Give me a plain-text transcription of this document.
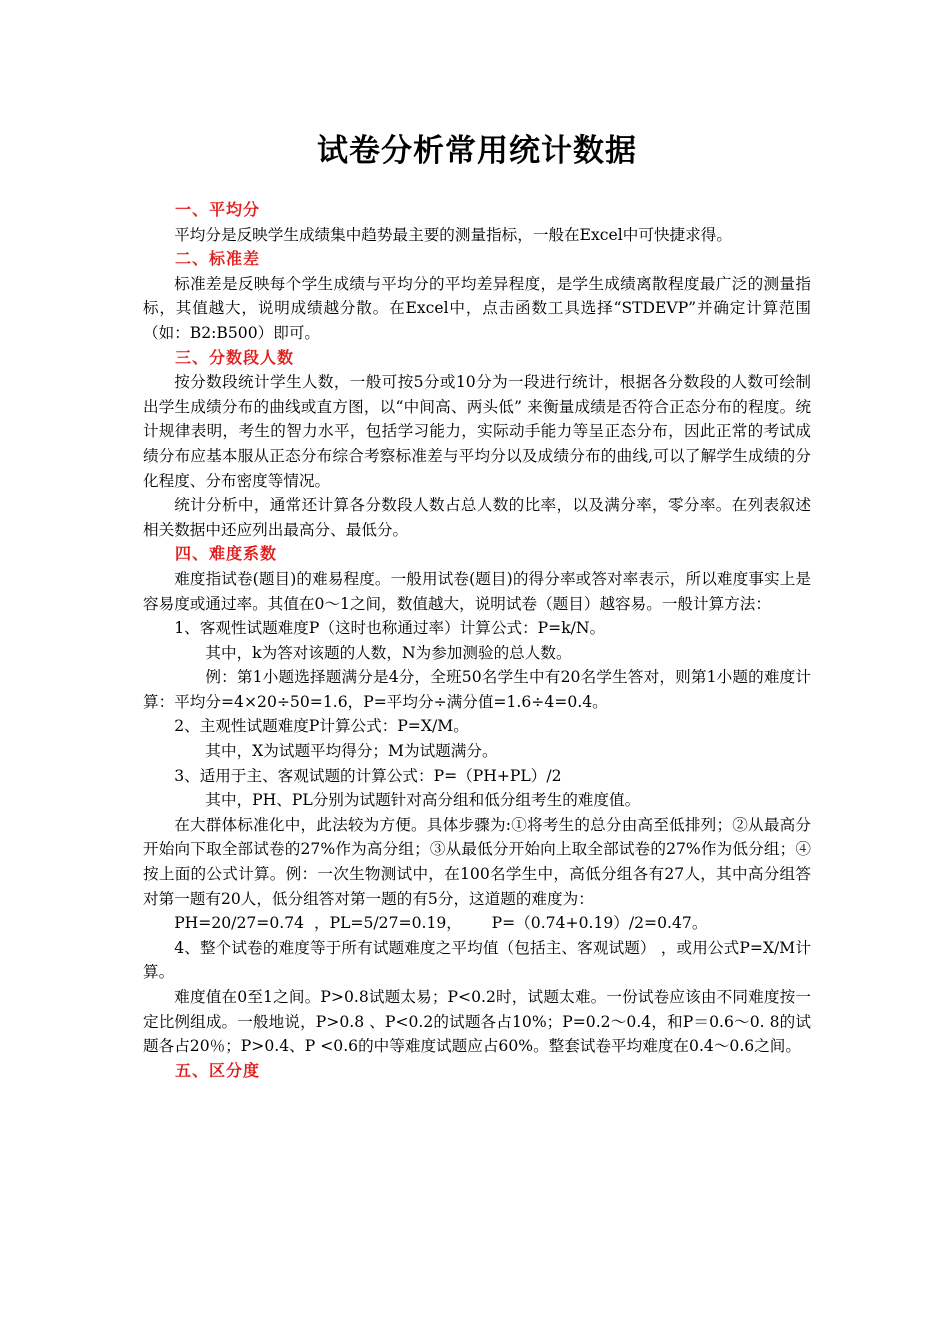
试卷分析常用统计数据

一、平均分

平均分是反映学生成绩集中趋势最主要的测量指标，一般在Excel中可快捷求得。

二、标准差

标准差是反映每个学生成绩与平均分的平均差异程度，是学生成绩离散程度最广泛的测量指标，其值越大，说明成绩越分散。在Excel中，点击函数工具选择“STDEVP”并确定计算范围（如：B2:B500）即可。

三、分数段人数

按分数段统计学生人数，一般可按5分或10分为一段进行统计，根据各分数段的人数可绘制出学生成绩分布的曲线或直方图，以“中间高、两头低” 来衡量成绩是否符合正态分布的程度。统计规律表明，考生的智力水平，包括学习能力，实际动手能力等呈正态分布，因此正常的考试成绩分布应基本服从正态分布综合考察标准差与平均分以及成绩分布的曲线,可以了解学生成绩的分化程度、分布密度等情况。

统计分析中，通常还计算各分数段人数占总人数的比率，以及满分率，零分率。在列表叙述相关数据中还应列出最高分、最低分。

四、难度系数

难度指试卷(题目)的难易程度。一般用试卷(题目)的得分率或答对率表示，所以难度事实上是容易度或通过率。其值在0～1之间，数值越大，说明试卷（题目）越容易。一般计算方法：

1、客观性试题难度P（这时也称通过率）计算公式：P=k/N。

其中，k为答对该题的人数，N为参加测验的总人数。

例：第1小题选择题满分是4分，全班50名学生中有20名学生答对，则第1小题的难度计算：平均分=4×20÷50=1.6，P=平均分÷满分值=1.6÷4=0.4。

2、主观性试题难度P计算公式：P=X/M。

其中，X为试题平均得分；M为试题满分。

3、适用于主、客观试题的计算公式：P=（PH+PL）/2

其中，PH、PL分别为试题针对高分组和低分组考生的难度值。

在大群体标准化中，此法较为方便。具体步骤为:①将考生的总分由高至低排列；②从最高分开始向下取全部试卷的27%作为高分组；③从最低分开始向上取全部试卷的27%作为低分组；④按上面的公式计算。例：一次生物测试中，在100名学生中，高低分组各有27人，其中高分组答对第一题有20人，低分组答对第一题的有5分，这道题的难度为：

PH=20/27=0.74  ，PL=5/27=0.19，      P=（0.74+0.19）/2=0.47。

4、整个试卷的难度等于所有试题难度之平均值（包括主、客观试题） ，或用公式P=X/M计算。

难度值在0至1之间。P>0.8试题太易；P<0.2时，试题太难。一份试卷应该由不同难度按一定比例组成。一般地说，P>0.8 、P<0.2的试题各占10%；P=0.2～0.4，和P＝0.6～0. 8的试题各占20％；P>0.4、P <0.6的中等难度试题应占60%。整套试卷平均难度在0.4～0.6之间。

五、区分度
